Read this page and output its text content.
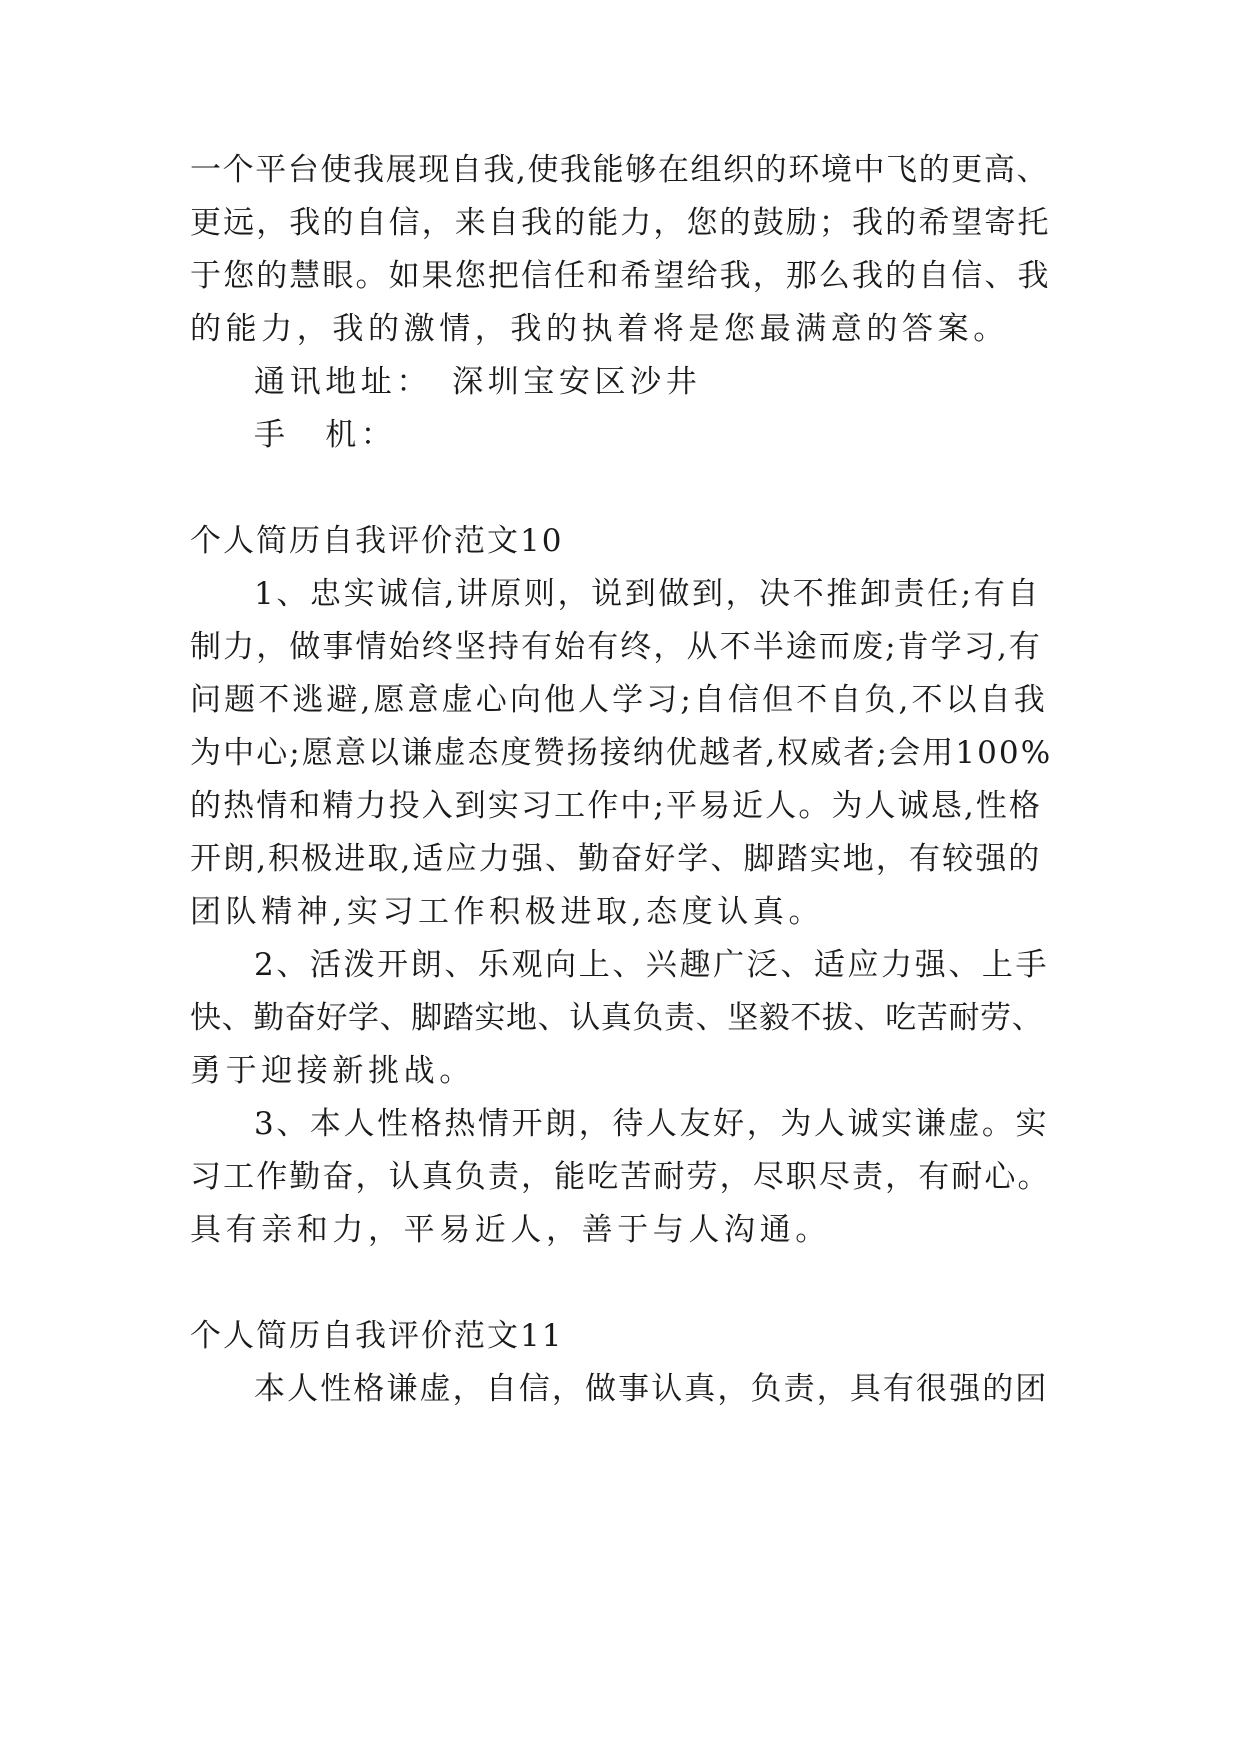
一个平台使我展现自我,使我能够在组织的环境中飞的更高、
更远，我的自信，来自我的能力，您的鼓励；我的希望寄托
于您的慧眼。如果您把信任和希望给我，那么我的自信、我
的能力，我的激情，我的执着将是您最满意的答案。
通讯地址：　深圳宝安区沙井
手　机：
个人简历自我评价范文10
1、忠实诚信,讲原则，说到做到，决不推卸责任;有自
制力，做事情始终坚持有始有终，从不半途而废;肯学习,有
问题不逃避,愿意虚心向他人学习;自信但不自负,不以自我
为中心;愿意以谦虚态度赞扬接纳优越者,权威者;会用100%
的热情和精力投入到实习工作中;平易近人。为人诚恳,性格
开朗,积极进取,适应力强、勤奋好学、脚踏实地，有较强的
团队精神,实习工作积极进取,态度认真。
2、活泼开朗、乐观向上、兴趣广泛、适应力强、上手
快、勤奋好学、脚踏实地、认真负责、坚毅不拔、吃苦耐劳、
勇于迎接新挑战。
3、本人性格热情开朗，待人友好，为人诚实谦虚。实
习工作勤奋，认真负责，能吃苦耐劳，尽职尽责，有耐心。
具有亲和力，平易近人，善于与人沟通。
个人简历自我评价范文11
本人性格谦虚，自信，做事认真，负责，具有很强的团
